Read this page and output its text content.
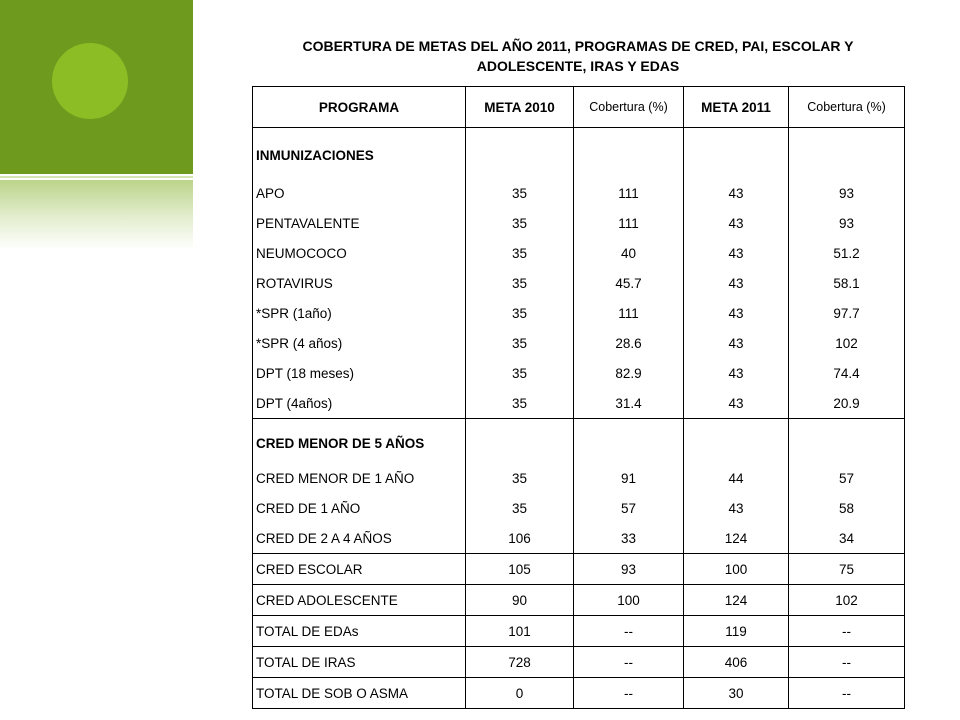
COBERTURA DE METAS DEL AÑO 2011, PROGRAMAS DE CRED, PAI, ESCOLAR Y ADOLESCENTE, IRAS Y EDAS
PROGRAMA	META 2010	Cobertura (%)	META 2011	Cobertura (%)
INMUNIZACIONES				
APO	35	111	43	93
PENTAVALENTE	35	111	43	93
NEUMOCOCO	35	40	43	51.2
ROTAVIRUS	35	45.7	43	58.1
*SPR (1año)	35	111	43	97.7
*SPR (4 años)	35	28.6	43	102
DPT (18 meses)	35	82.9	43	74.4
DPT (4años)	35	31.4	43	20.9
CRED MENOR DE 5 AÑOS				
CRED MENOR DE 1 AÑO	35	91	44	57
CRED DE 1 AÑO	35	57	43	58
CRED DE 2 A 4 AÑOS	106	33	124	34
CRED ESCOLAR	105	93	100	75
CRED ADOLESCENTE	90	100	124	102
TOTAL DE EDAs	101	--	119	--
TOTAL DE IRAS	728	--	406	--
TOTAL DE SOB O ASMA	0	--	30	--
